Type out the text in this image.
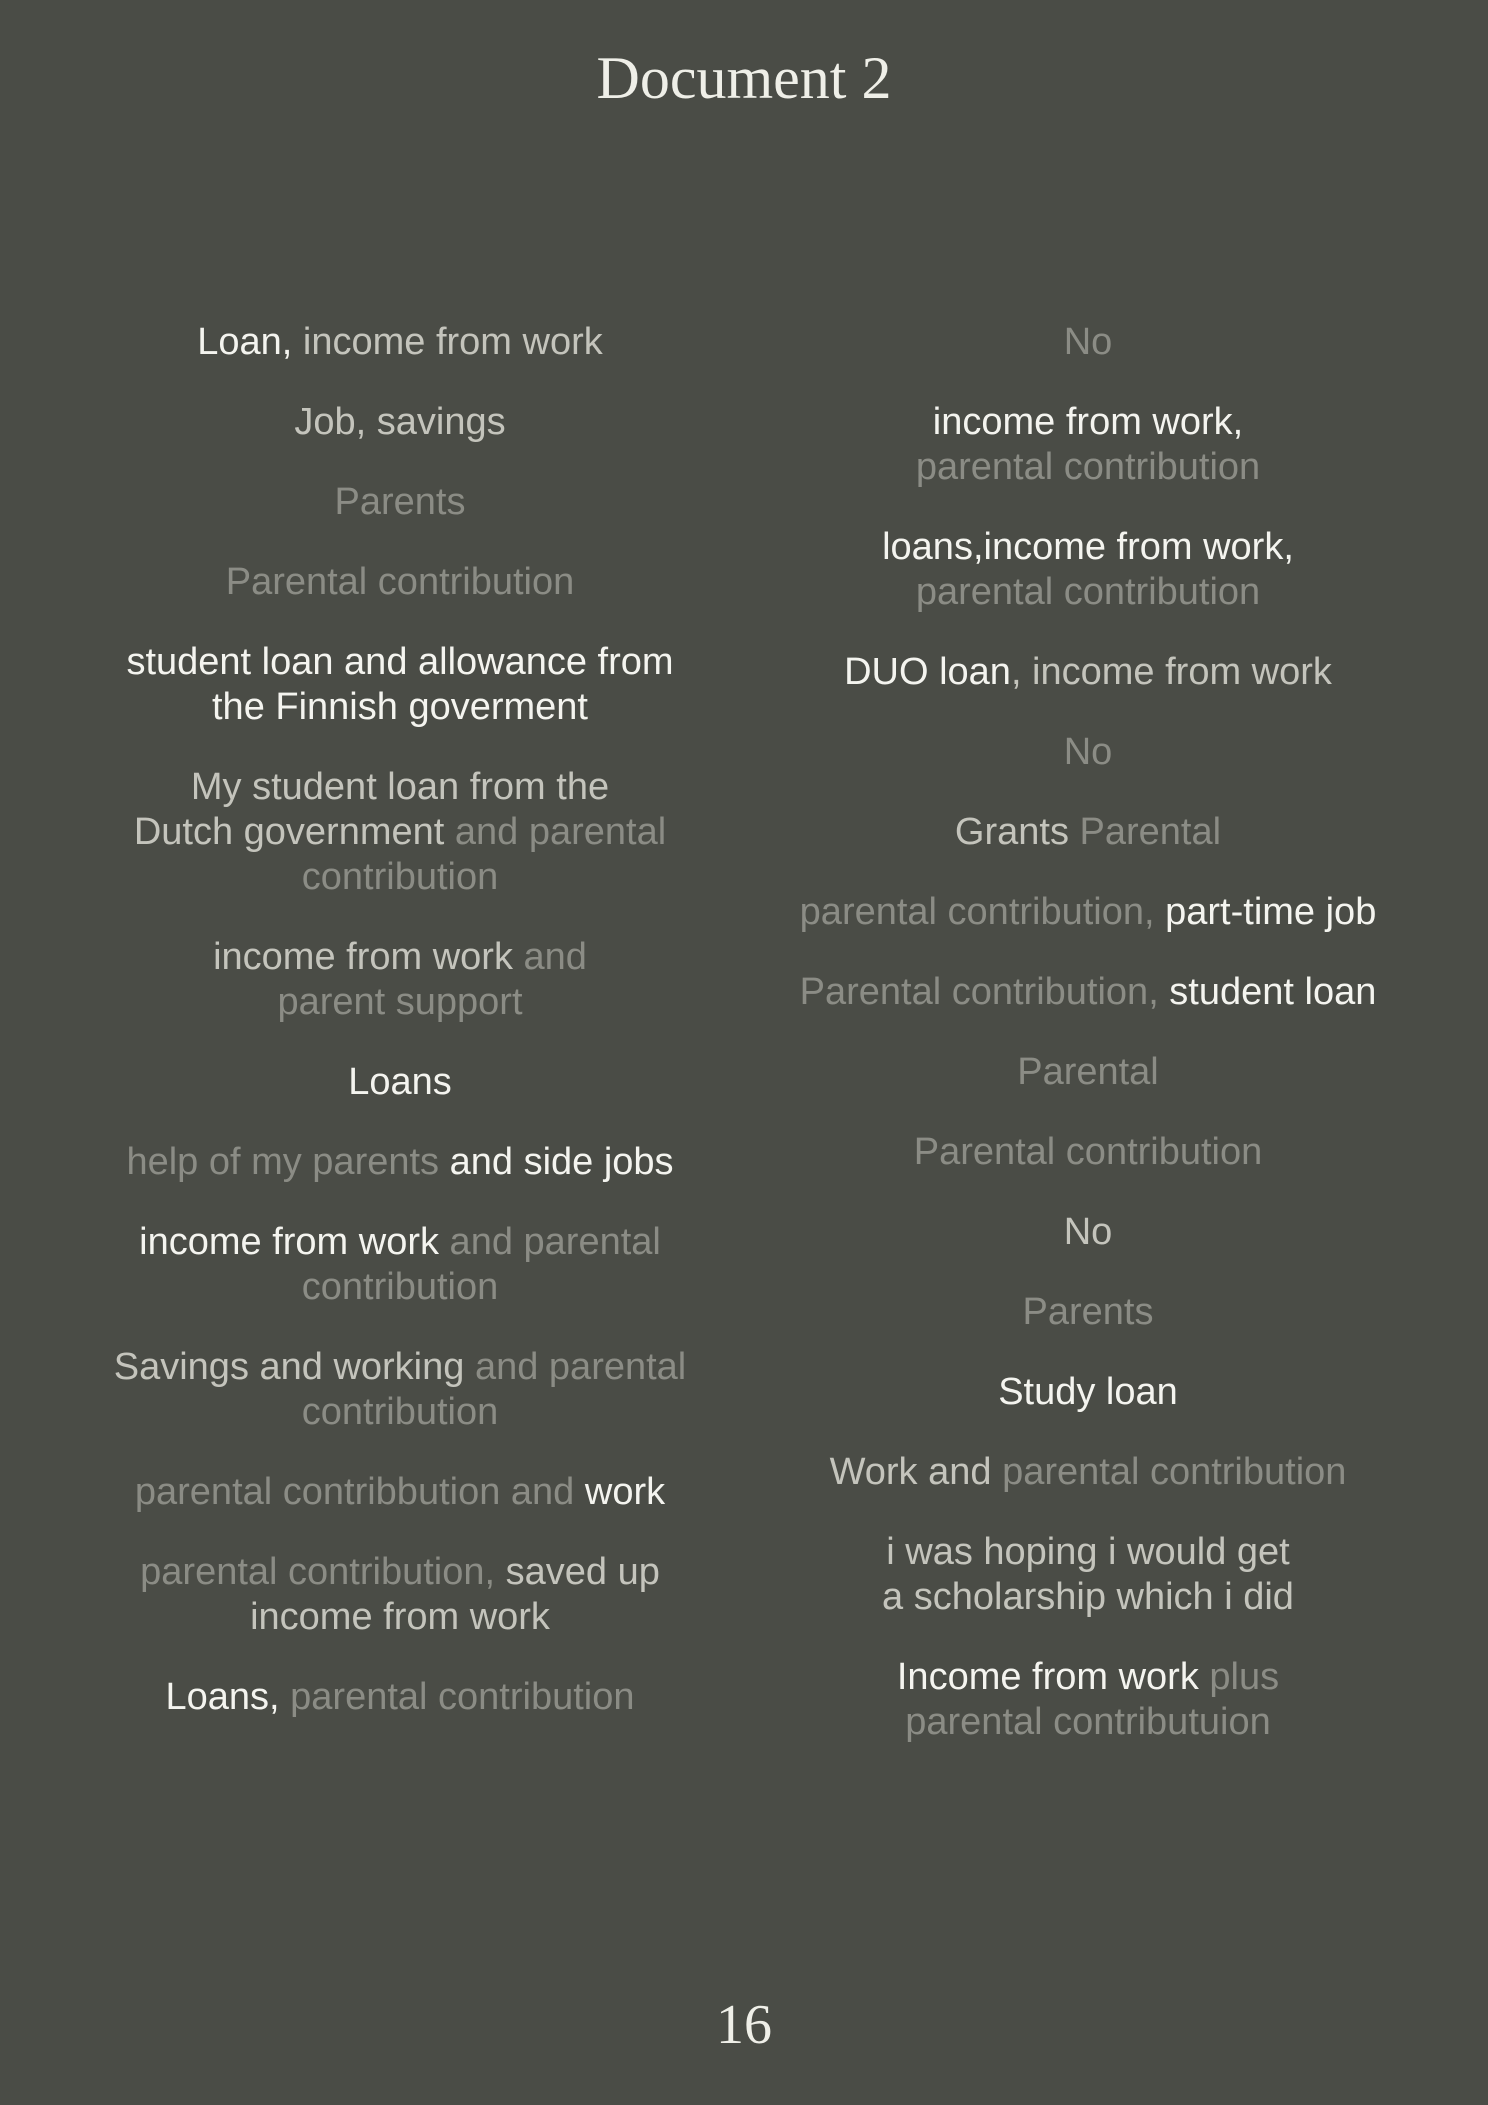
Document 2
Loan, income from work
Job, savings
Parents
Parental contribution
student loan and allowance from
the Finnish goverment
My student loan from the
Dutch government and parental
contribution
income from work and
parent support
Loans
help of my parents and side jobs
income from work and parental
contribution
Savings and working and parental
contribution
parental contribbution and work
parental contribution, saved up
income from work
Loans, parental contribution
No
income from work,
parental contribution
loans,income from work,
parental contribution
DUO loan, income from work
No
Grants Parental
parental contribution, part-time job
Parental contribution, student loan
Parental
Parental contribution
No
Parents
Study loan
Work and parental contribution
i was hoping i would get
a scholarship which i did
Income from work plus
parental contributuion
16
